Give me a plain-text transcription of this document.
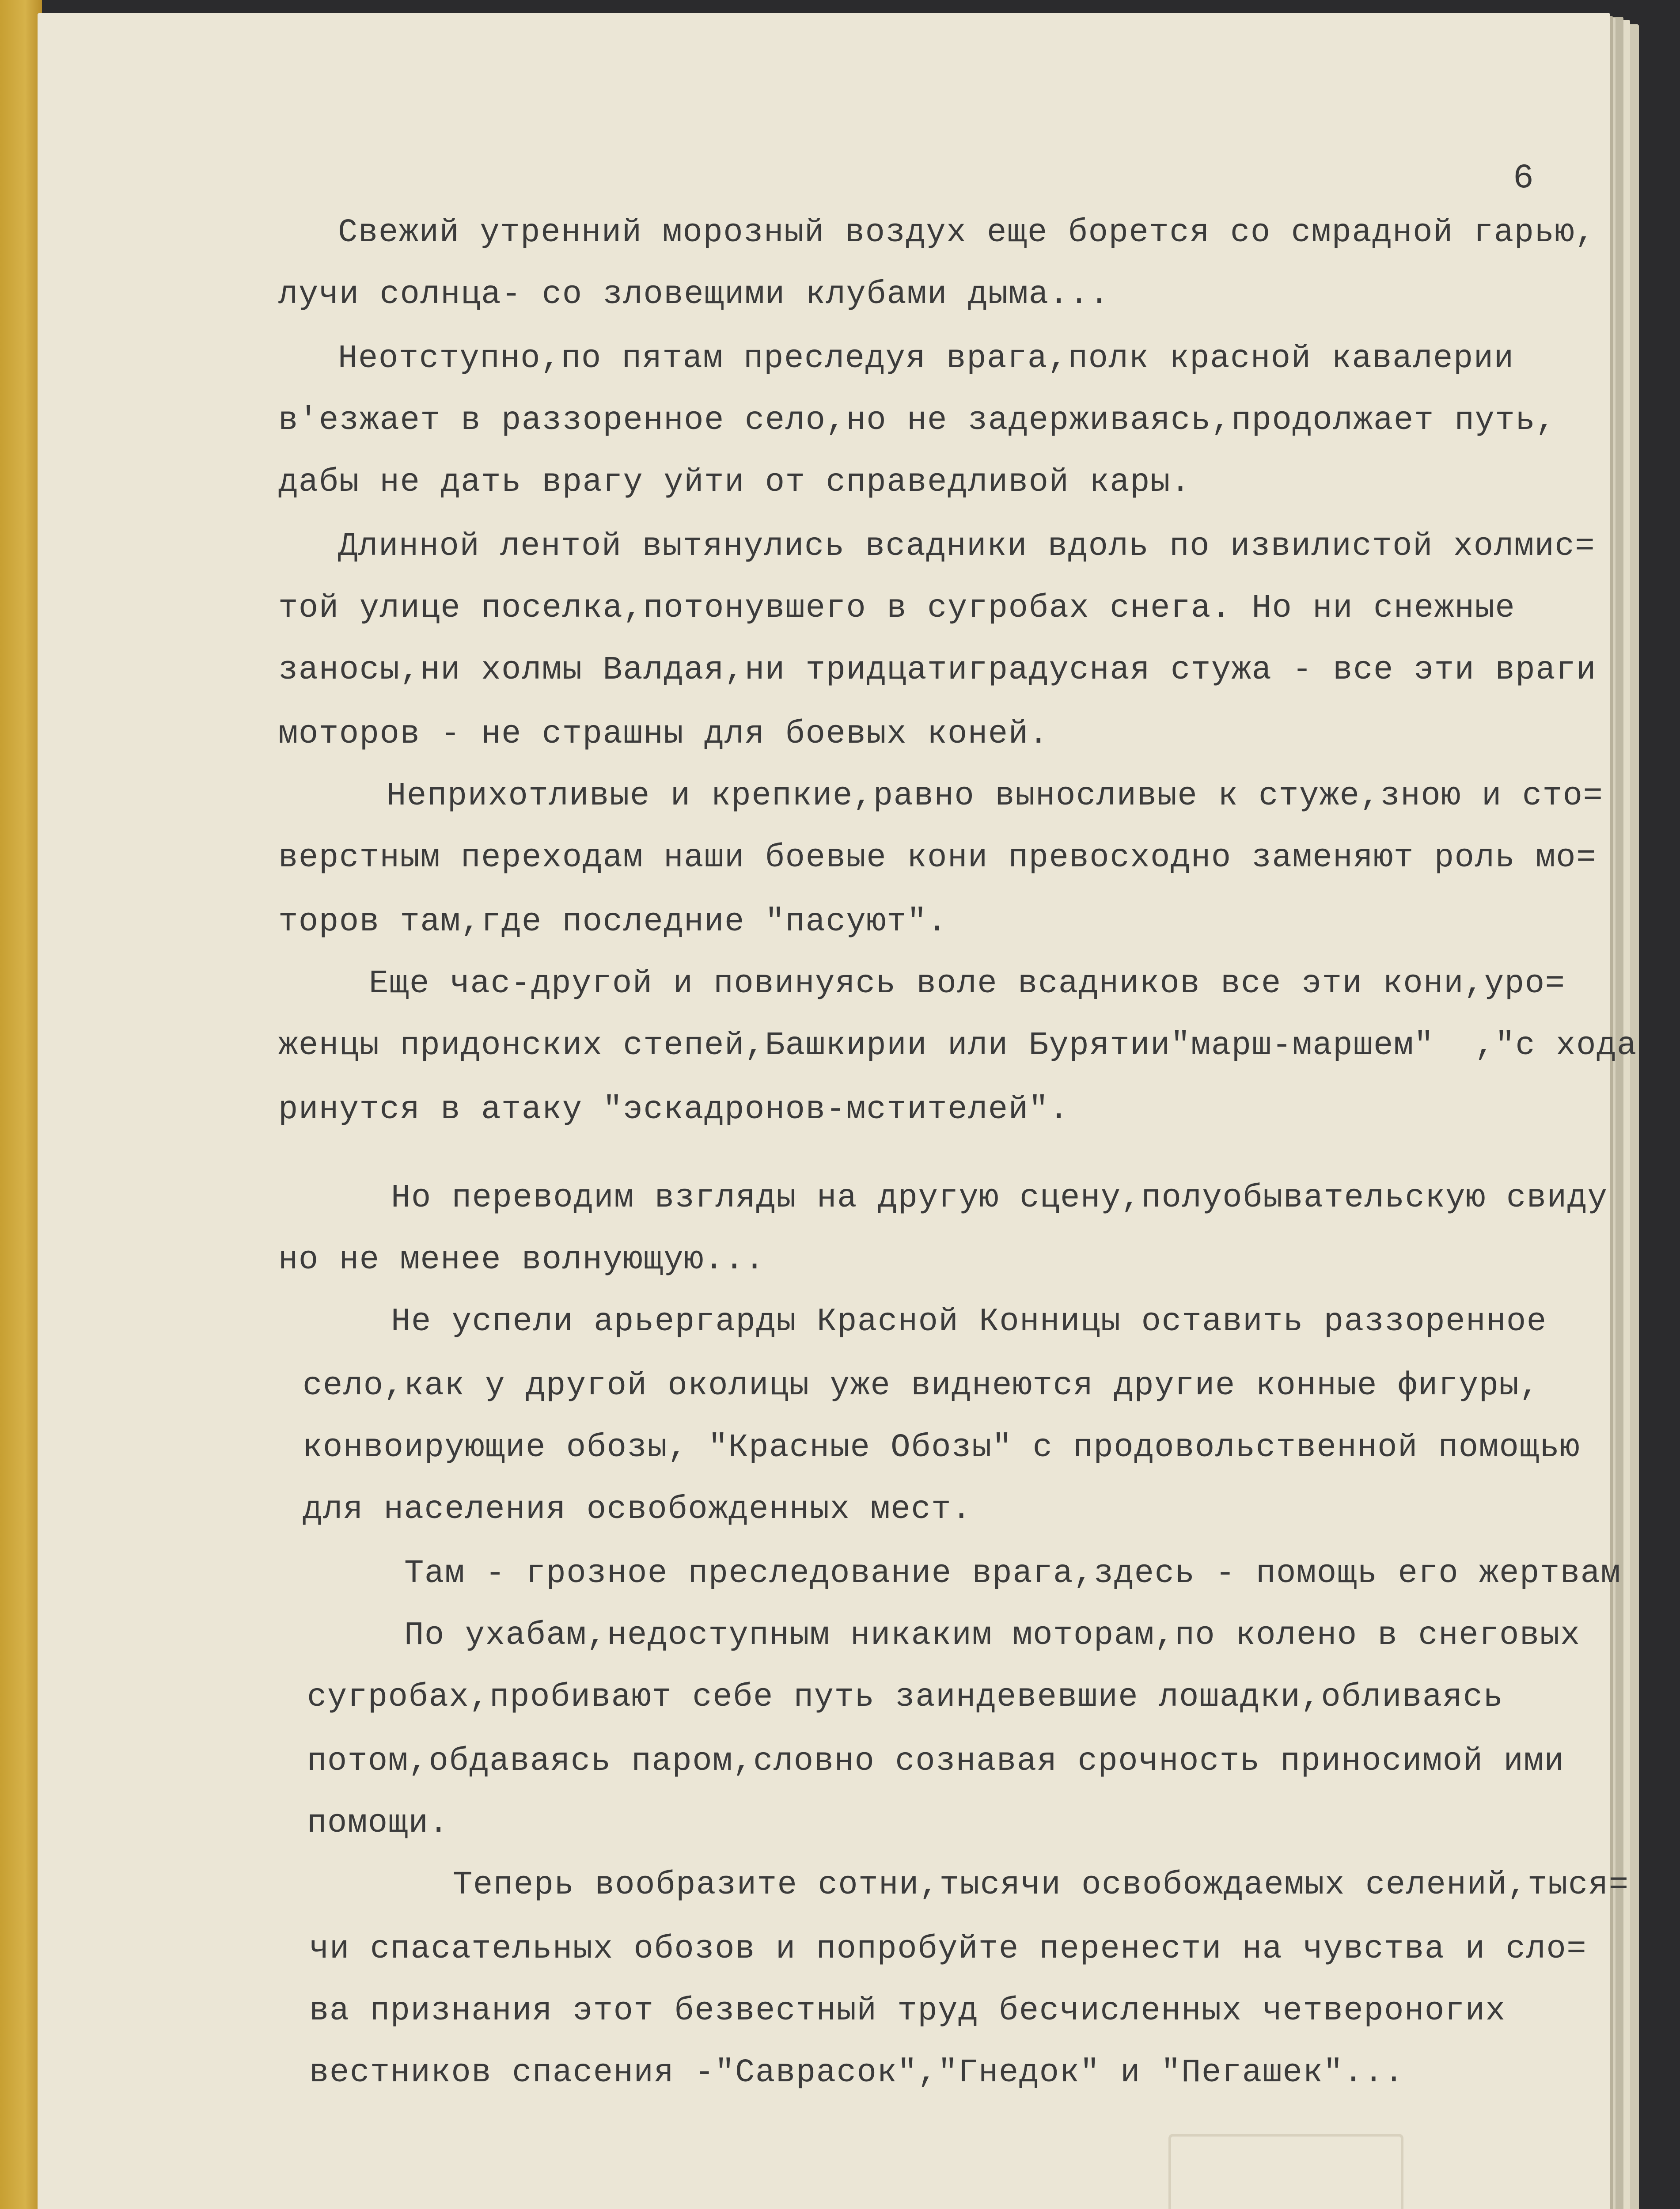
6
Свежий утренний морозный воздух еще борется со смрадной гарью,
лучи солнца- со зловещими клубами дыма...
Неотступно,по пятам преследуя врага,полк красной кавалерии
в'езжает в раззоренное село,но не задерживаясь,продолжает путь,
дабы не дать врагу уйти от справедливой кары.
Длинной лентой вытянулись всадники вдоль по извилистой холмис=
той улице поселка,потонувшего в сугробах снега. Но ни снежные
заносы,ни холмы Валдая,ни тридцатиградусная стужа - все эти враги
моторов - не страшны для боевых коней.
Неприхотливые и крепкие,равно выносливые к стуже,зною и сто=
верстным переходам наши боевые кони превосходно заменяют роль мо=
торов там,где последние "пасуют".
Еще час-другой и повинуясь воле всадников все эти кони,уро=
женцы придонских степей,Башкирии или Бурятии"марш-маршем"  ,"с хода
ринутся в атаку "эскадронов-мстителей".
Но переводим взгляды на другую сцену,полуобывательскую свиду
но не менее волнующую...
Не успели арьергарды Красной Конницы оставить раззоренное
село,как у другой околицы уже виднеются другие конные фигуры,
конвоирующие обозы, "Красные Обозы" с продовольственной помощью
для населения освобожденных мест.
Там - грозное преследование врага,здесь - помощь его жертвам
По ухабам,недоступным никаким моторам,по колено в снеговых
сугробах,пробивают себе путь заиндевевшие лошадки,обливаясь
потом,обдаваясь паром,словно сознавая срочность приносимой ими
помощи.
Теперь вообразите сотни,тысячи освобождаемых селений,тыся=
чи спасательных обозов и попробуйте перенести на чувства и сло=
ва признания этот безвестный труд бесчисленных четвероногих
вестников спасения -"Саврасок","Гнедок" и "Пегашек"...
